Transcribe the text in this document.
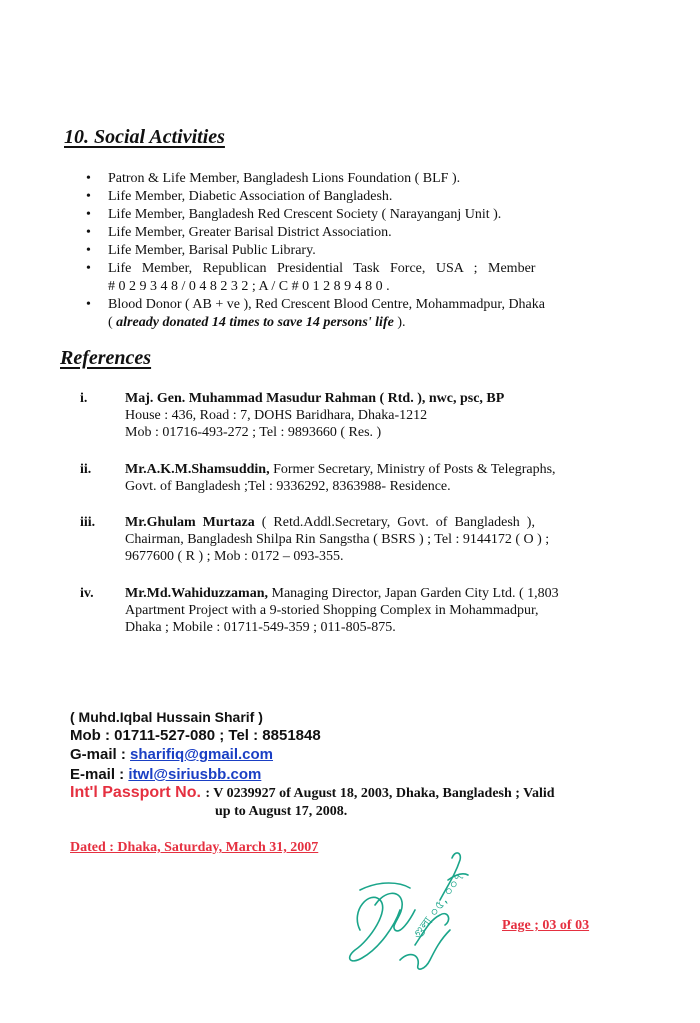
10. Social Activities
• Patron & Life Member, Bangladesh Lions Foundation ( BLF ).
• Life Member, Diabetic Association of Bangladesh.
• Life Member, Bangladesh Red Crescent Society ( Narayanganj Unit ).
• Life Member, Greater Barisal District Association.
• Life Member, Barisal Public Library.
• Life   Member,   Republican   Presidential   Task   Force,   USA   ;   Member
# 0 2 9 3 4 8 / 0 4 8 2 3 2 ; A / C # 0 1 2 8 9 4 8 0 .
• Blood Donor ( AB + ve ), Red Crescent Blood Centre, Mohammadpur, Dhaka
( already donated 14 times to save 14 persons' life ).
References
i.	Maj. Gen. Muhammad Masudur Rahman ( Rtd. ), nwc, psc, BP
House : 436, Road : 7, DOHS Baridhara, Dhaka-1212
Mob : 01716-493-272 ; Tel : 9893660 ( Res. )
ii. Mr.A.K.M.Shamsuddin, Former Secretary, Ministry of Posts & Telegraphs,
Govt. of Bangladesh ;Tel : 9336292, 8363988- Residence.
iii. Mr.Ghulam  Murtaza  (  Retd.Addl.Secretary,  Govt.  of  Bangladesh  ),
Chairman, Bangladesh Shilpa Rin Sangstha ( BSRS ) ; Tel : 9144172 ( O ) ;
9677600 ( R ) ; Mob : 0172 – 093-355.
iv. Mr.Md.Wahiduzzaman, Managing Director, Japan Garden City Ltd. ( 1,803
Apartment Project with a 9-storied Shopping Complex in Mohammadpur,
Dhaka ; Mobile : 01711-549-359 ; 011-805-875.
( Muhd.Iqbal Hussain Sharif )
Mob : 01711-527-080 ; Tel : 8851848
G-mail : sharifiq@gmail.com
E-mail : itwl@siriusbb.com
Int'l Passport No. : V 0239927 of August 18, 2003, Dhaka, Bangladesh ; Valid
up to August 17, 2008.
Dated : Dhaka, Saturday, March 31, 2007
গুল্ম ০৫, ০০৭ Page ; 03 of 03
